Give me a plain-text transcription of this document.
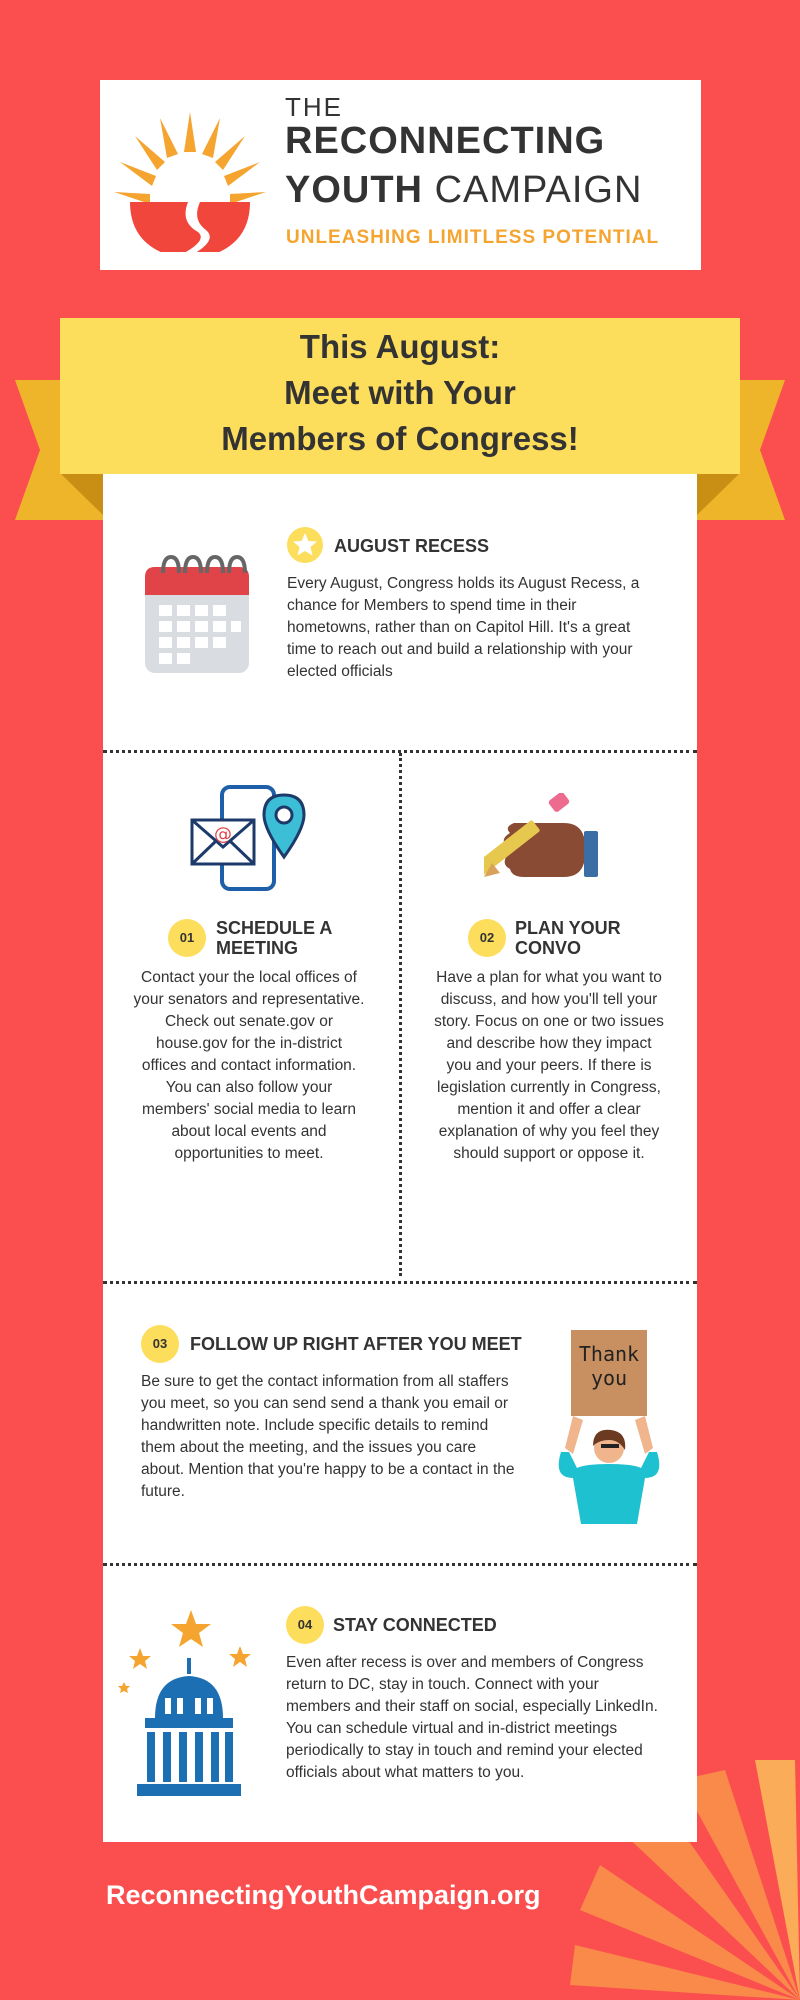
THE
RECONNECTING
YOUTH CAMPAIGN
UNLEASHING LIMITLESS POTENTIAL
This August:
Meet with Your
Members of Congress!
AUGUST RECESS
Every August, Congress holds its August Recess, a chance for Members to spend time in their hometowns, rather than on Capitol Hill. It's a great time to reach out and build a relationship with your elected officials
@
01	SCHEDULE A
MEETING
Contact your the local offices of your senators and representative. Check out senate.gov or house.gov for the in-district offices and contact information. You can also follow your members' social media to learn about local events and opportunities to meet.
02	PLAN YOUR
CONVO
Have a plan for what you want to discuss, and how you'll tell your story. Focus on one or two issues and describe how they impact you and your peers. If there is legislation currently in Congress, mention it and offer a clear explanation of why you feel they should support or oppose it.
03	FOLLOW UP RIGHT AFTER YOU MEET
Be sure to get the contact information from all staffers you meet, so you can send send a thank you email or handwritten note. Include specific details to remind them about the meeting, and the issues you care about. Mention that you're happy to be a contact in the future.
Thank
you
04	STAY CONNECTED
Even after recess is over and members of Congress return to DC, stay in touch. Connect with your members and their staff on social, especially LinkedIn. You can schedule virtual and in-district meetings periodically to stay in touch and remind your elected officials about what matters to you.
ReconnectingYouthCampaign.org
